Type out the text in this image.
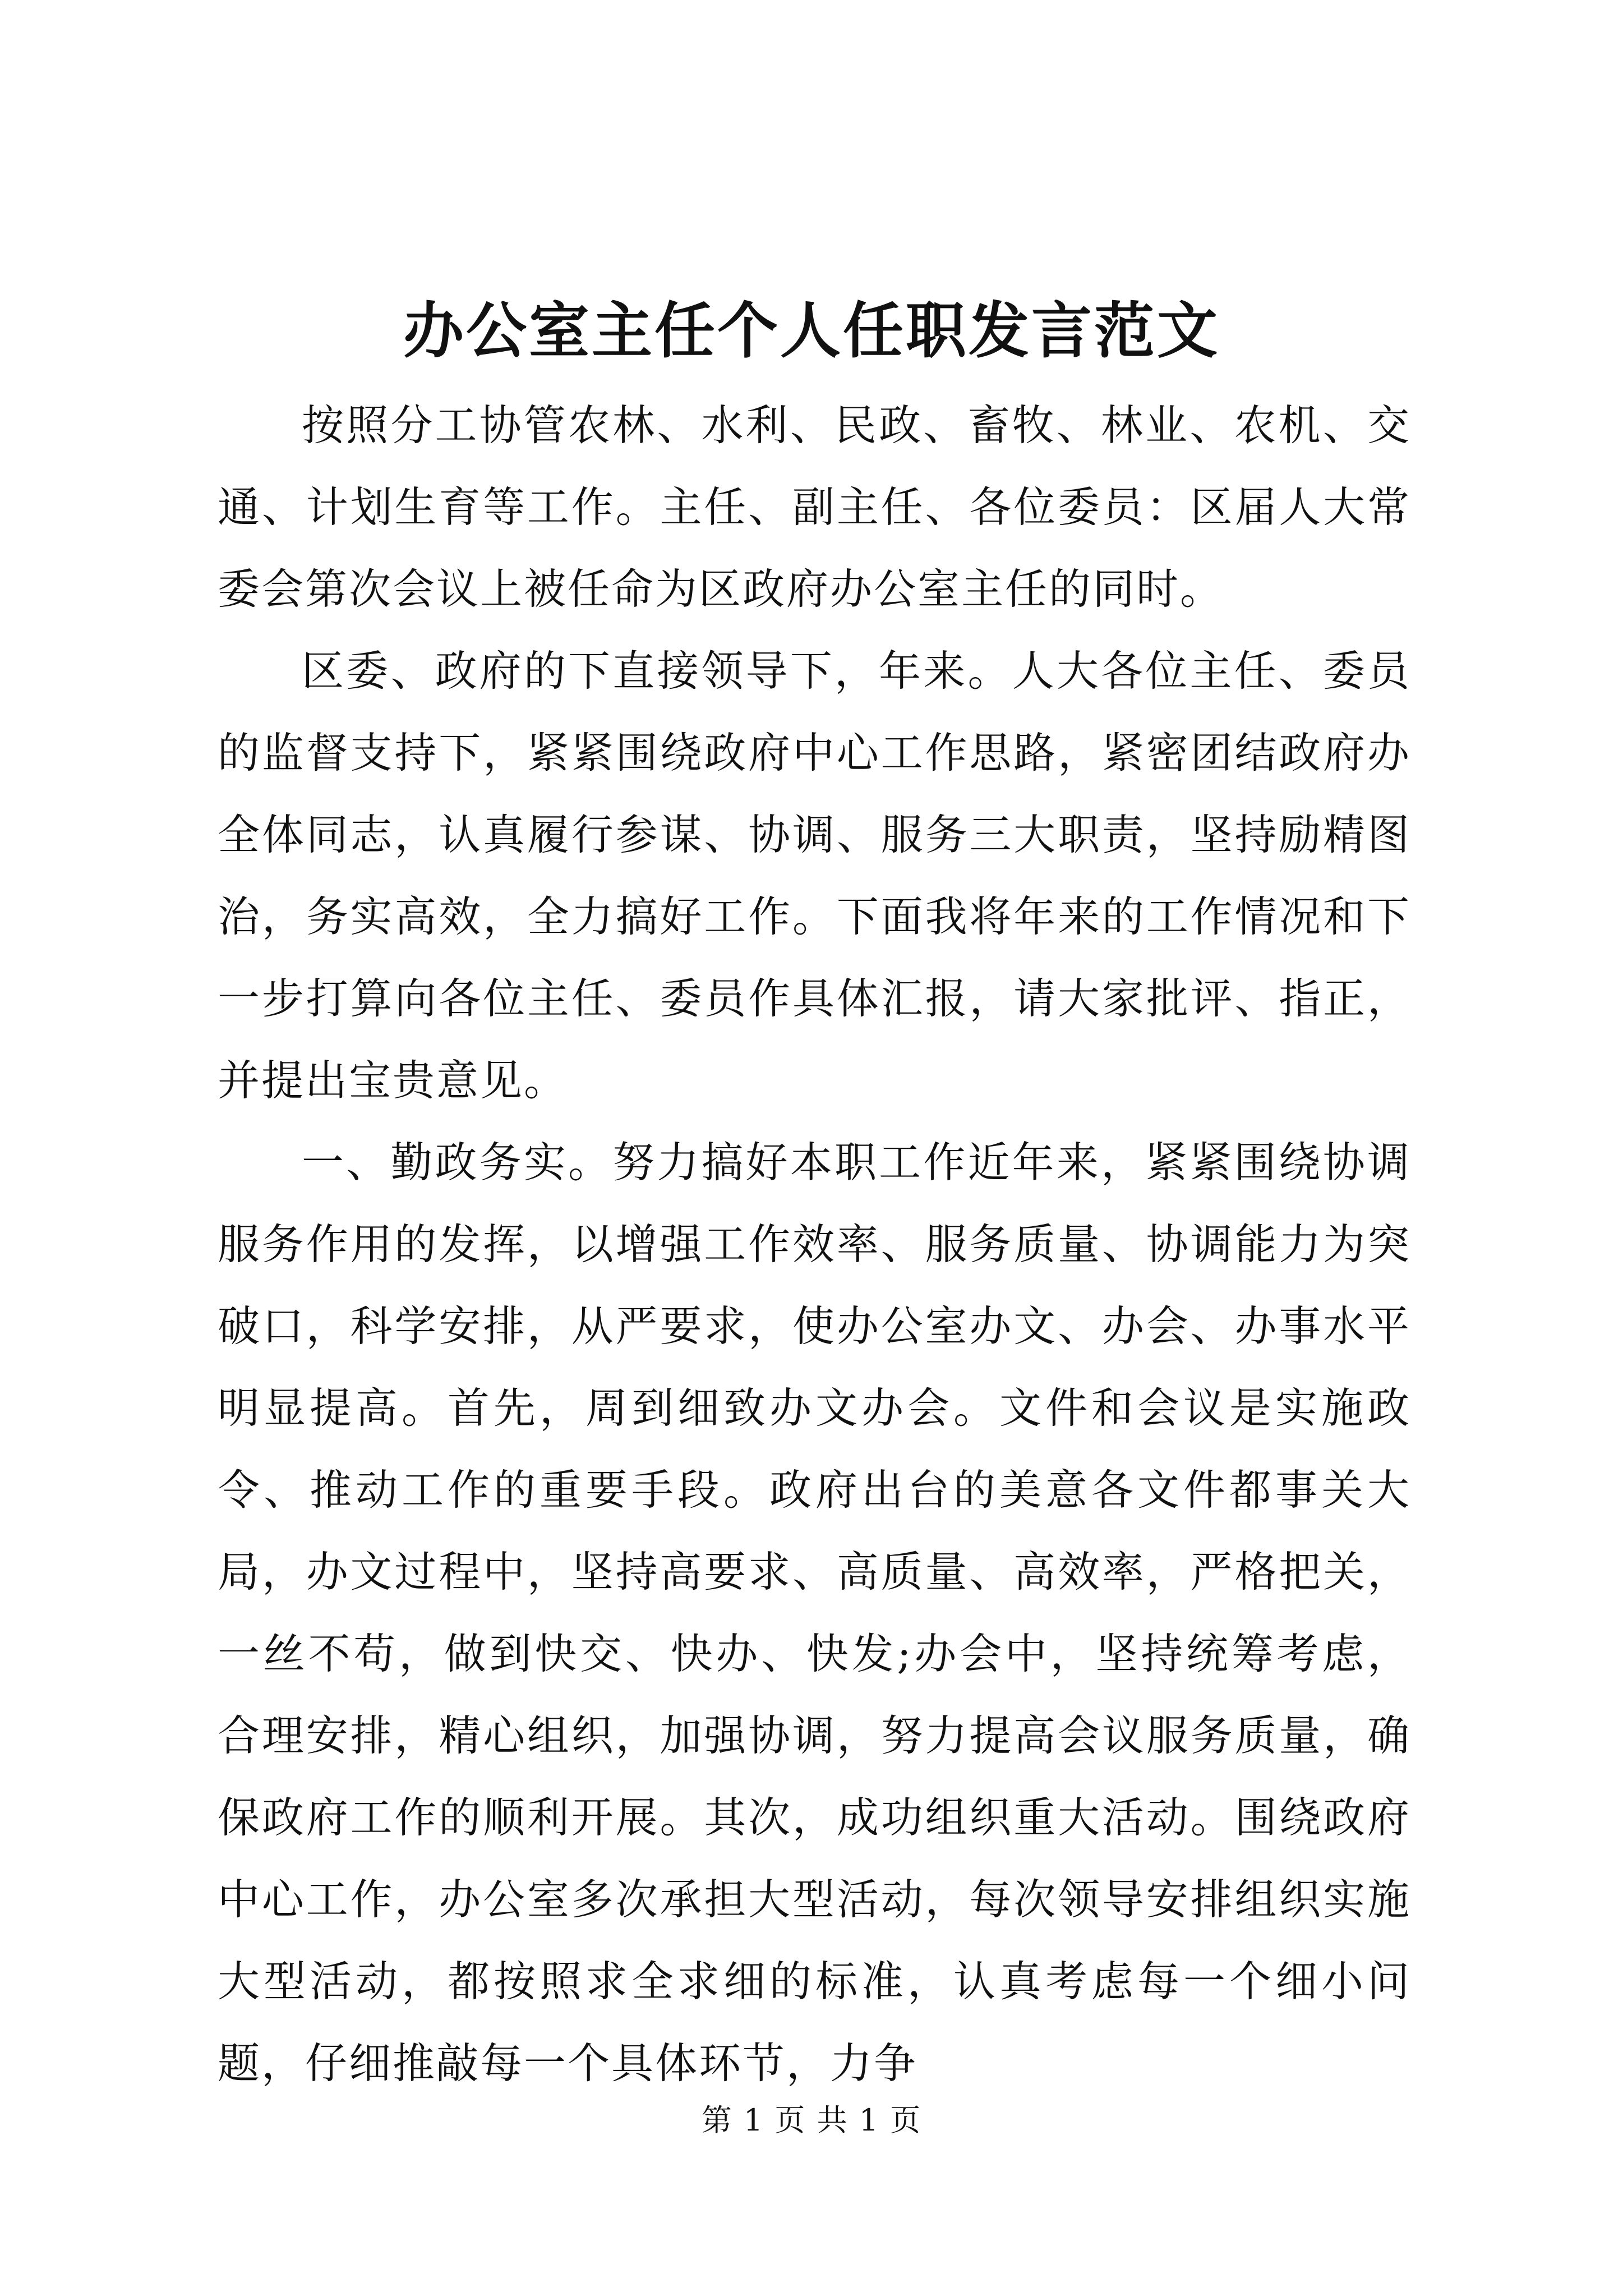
办公室主任个人任职发言范文

按照分工协管农林、水利、民政、畜牧、林业、农机、交通、计划生育等工作。主任、副主任、各位委员：区届人大常委会第次会议上被任命为区政府办公室主任的同时。

区委、政府的下直接领导下，年来。人大各位主任、委员的监督支持下，紧紧围绕政府中心工作思路，紧密团结政府办全体同志，认真履行参谋、协调、服务三大职责，坚持励精图治，务实高效，全力搞好工作。下面我将年来的工作情况和下一步打算向各位主任、委员作具体汇报，请大家批评、指正，并提出宝贵意见。

一、勤政务实。努力搞好本职工作近年来，紧紧围绕协调服务作用的发挥，以增强工作效率、服务质量、协调能力为突破口，科学安排，从严要求，使办公室办文、办会、办事水平明显提高。首先，周到细致办文办会。文件和会议是实施政令、推动工作的重要手段。政府出台的美意各文件都事关大局，办文过程中，坚持高要求、高质量、高效率，严格把关，一丝不苟，做到快交、快办、快发;办会中，坚持统筹考虑，合理安排，精心组织，加强协调，努力提高会议服务质量，确保政府工作的顺利开展。其次，成功组织重大活动。围绕政府中心工作，办公室多次承担大型活动，每次领导安排组织实施大型活动，都按照求全求细的标准，认真考虑每一个细小问题，仔细推敲每一个具体环节，力争

第 1 页 共 1 页
